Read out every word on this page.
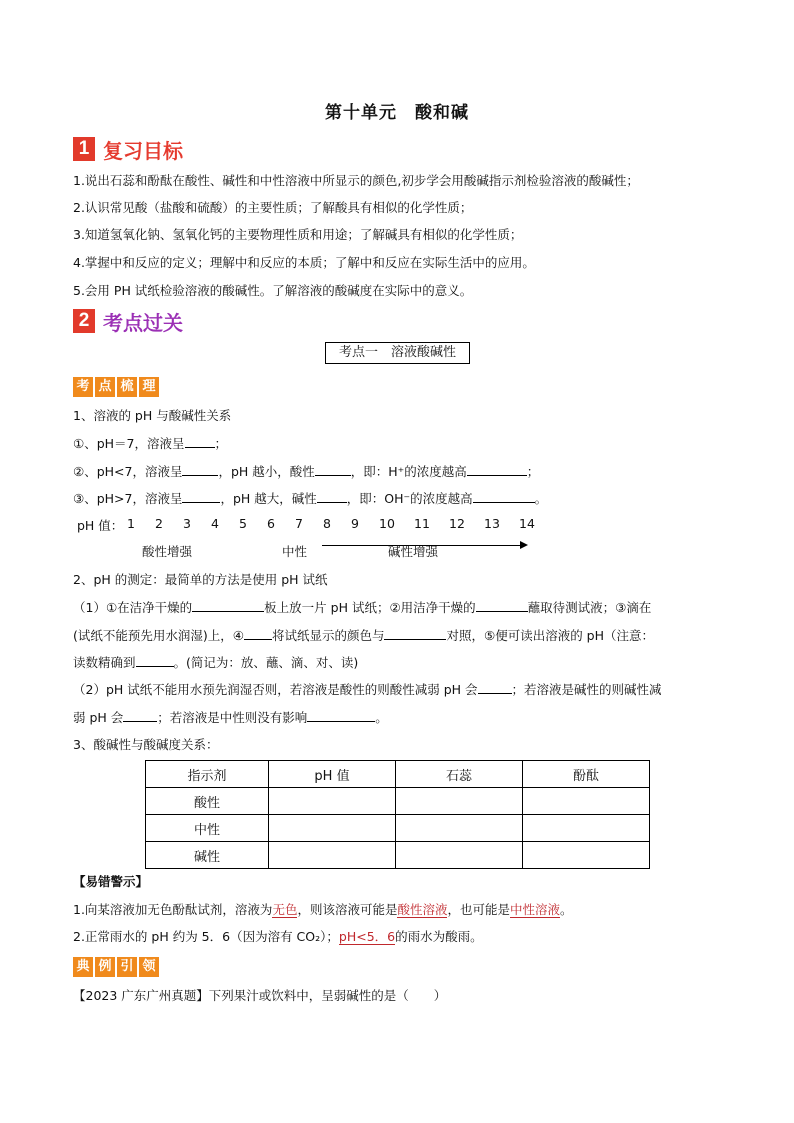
第十单元　酸和碱
1 复习目标
1.说出石蕊和酚酞在酸性、碱性和中性溶液中所显示的颜色,初步学会用酸碱指示剂检验溶液的酸碱性；
2.认识常见酸（盐酸和硫酸）的主要性质；了解酸具有相似的化学性质；
3.知道氢氧化钠、氢氧化钙的主要物理性质和用途；了解碱具有相似的化学性质；
4.掌握中和反应的定义；理解中和反应的本质；了解中和反应在实际生活中的应用。
5.会用 PH 试纸检验溶液的酸碱性。了解溶液的酸碱度在实际中的意义。
2 考点过关
考点一　溶液酸碱性
考 点 梳 理
1、溶液的 pH 与酸碱性关系
①、pH＝7，溶液呈 ；
②、pH<7，溶液呈	，pH 越小，酸性	，即：H⁺的浓度越高	；
③、pH>7，溶液呈	，pH 越大，碱性 ，即：OH⁻的浓度越高	。
pH 值： 1 2 3 4 5 6 7 8 9 10 11 12 13 14
酸性增强	中性	碱性增强
2、pH 的测定：最简单的方法是使用 pH 试纸
（1）①在洁净干燥的	板上放一片 pH 试纸；②用洁净干燥的	蘸取待测试液；③滴在
(试纸不能预先用水润湿)上，④ 将试纸显示的颜色与	对照，⑤便可读出溶液的 pH（注意：
读数精确到	。(简记为：放、蘸、滴、对、读)
（2）pH 试纸不能用水预先润湿否则，若溶液是酸性的则酸性减弱 pH 会	；若溶液是碱性的则碱性减
弱 pH 会	；若溶液是中性则没有影响	。
3、酸碱性与酸碱度关系：
指示剂	pH 值	石蕊	酚酞
酸性			
中性			
碱性			
【易错警示】
1.向某溶液加无色酚酞试剂，溶液为无色，则该溶液可能是酸性溶液，也可能是中性溶液。
2.正常雨水的 pH 约为 5．6（因为溶有 CO₂）；pH<5．6的雨水为酸雨。
典 例 引 领
【2023 广东广州真题】下列果汁或饮料中，呈弱碱性的是（　　）
